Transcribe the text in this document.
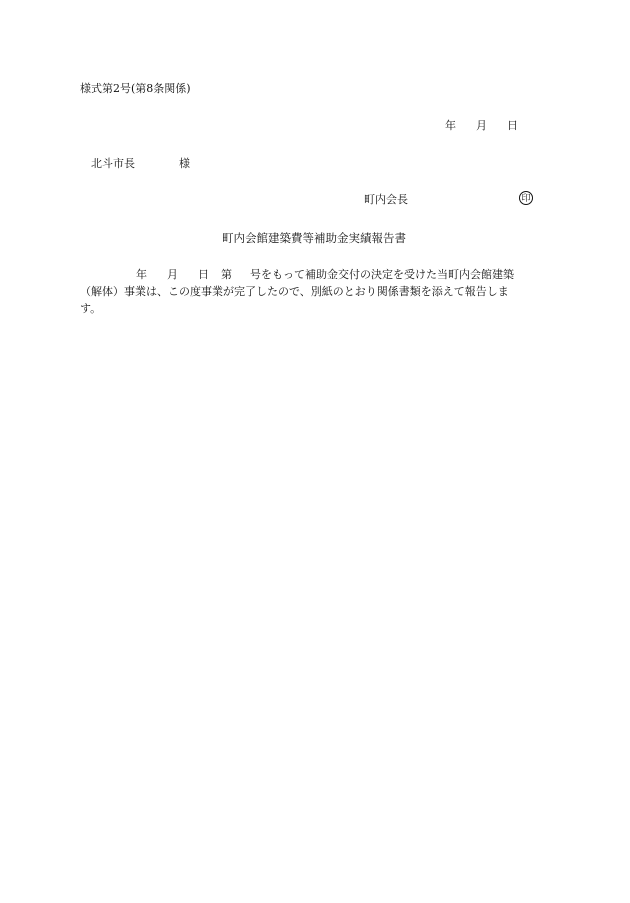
様式第2号(第8条関係)
年 月 日
北斗市長	様
町内会長	印
町内会館建築費等補助金実績報告書
年 月 日 第 号をもって補助金交付の決定を受けた当町内会館建築
（解体）事業は、この度事業が完了したので、別紙のとおり関係書類を添えて報告しま
す。
